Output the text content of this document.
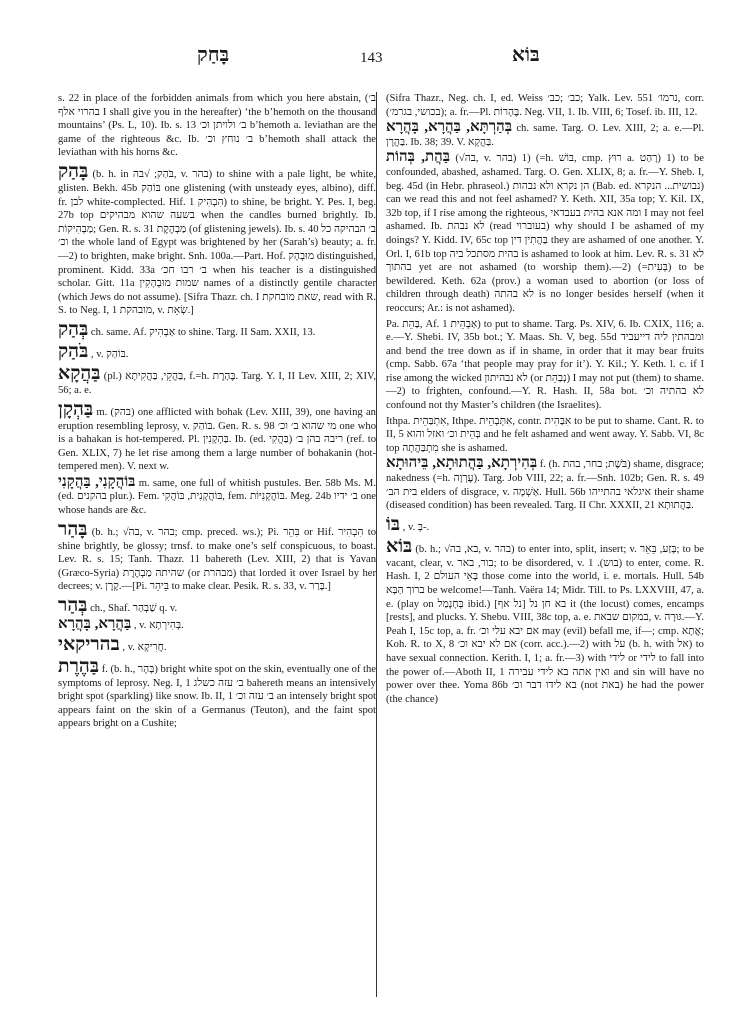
בָּחַק	143	בּוֹא
s. 22 in place of the forbidden animals from which you here abstain, (ב׳ בהרוי אלף I shall give you in the hereafter) ‘the b’hemoth on the thousand mountains’ (Ps. L, 10). Ib. s. 13 ב׳ ולויתן וכ׳ b’hemoth a. leviathan are the game of the righteous &c. Ib. ב׳ נוחץ וכ׳ b’hemoth shall attack the leviathan with his horns &c.
בָּהַק (b. h. in בֹּהַק; √בה, v. בהר) to shine with a pale light, be white, glisten. Bekh. 45b בּוֹהַק one glistening (with unsteady eyes, albino), diff. fr. לבן white-complected. Hif. הִבְהִיק 1) to shine, be bright. Y. Pes. I, beg. 27b top בשעה שהוא מבהיקים when the candles burned brightly. Ib. מַבְהִיקוֹת; Gen. R. s. 31 מַבְהֶקֶת (of glistening jewels). Ib. s. 40 ב׳ הבהיקה כל וכ׳ the whole land of Egypt was brightened by her (Sarah’s) beauty; a. fr.—2) to brighten, make bright. Snh. 100a.—Part. Hof. מוּבְהָק distinguished, prominent. Kidd. 33a ב׳ רבו חכ׳ when his teacher is a distinguished scholar. Gitt. 11a שמות מוּבְהָקִין names of a distinctly gentile character (which Jews do not assume). [Sifra Thazr. ch. I שאת מובחקת, read with R. S. to Neg. I, 1 מובהקת, v. שְׂאֵת.]
בְּהַק ch. same. Af. אַבְהִיק to shine. Targ. II Sam. XXII, 13.
בֹּהַק , v. בּוֹהַק.
בַּהֲקָא (pl.) בַּהֲקֵי, בַּהֲקִיתָא, f.=h. בֶּהָרֶת. Targ. Y. I, II Lev. XIII, 2; XIV, 56; a. e.
בַּהְקָן m. (בהק) one afflicted with bohak (Lev. XIII, 39), one having an eruption resembling leprosy, v. בּוֹהַק. Gen. R. s. 98 מי שהוא ב׳ וכ׳ one who is a bahakan is hot-tempered. Pl. בַּהְקָנִין. Ib. (ed. בַּהֲקִי) ריבה בהן ב׳ (ref. to Gen. XLIX, 7) he let rise among them a large number of bohakanin (hot-tempered men). V. next w.
בּוֹהֲקָנִי, בַּהֲקָנִי m. same, one full of whitish pustules. Ber. 58b Ms. M. (ed. בהקנים plur.). Fem. בּוֹהֲקָנִית, בּוֹהֲקִי, fem. בּוֹהֲקָנִיּוֹת. Meg. 24b ב׳ ידיו one whose hands are &c.
בָּהַר (b. h.; √בה, v. בהר; cmp. preced. ws.); Pi. בִּהֵר or Hif. הִבְהִיר to shine brightly, be glossy; trnsf. to make one’s self conspicuous, to boast. Lev. R. s. 15; Tanh. Thazr. 11 bahereth (Lev. XIII, 2) that is Yavan (Græco-Syria) שהיתה מַבְהֶרֶת (or מבהרת) that lorded it over Israel by her decrees; v. קֶרֶן.—[Pi. בֵּיהֵר to make clear. Pesik. R. s. 33, v. בָּרַר.]
בְּהַר ch., Shaf. שַׁבְהַר q. v.
בַּהֲרָא, בָּהֲרָא , v. בְּהִירְתָא.
בהריקאי , v. חֲרִיקָא.
בַּהֶרֶת f. (b. h., בָּהָר) bright white spot on the skin, eventually one of the symptoms of leprosy. Neg. I, 1 ב׳ עזה כשלג bahereth means an intensively bright spot (sparkling) like snow. Ib. II, 1 ב׳ עזה וכ׳ an intensely bright spot appears faint on the skin of a Germanus (Teuton), and the faint spot appears bright on a Cushite;
(Sifra Thazr., Neg. ch. I, ed. Weiss כב׳ ;כב׳; Yalk. Lev. 551 נרמו׳, corr. (בכושי, בגרמ׳); a. fr.—Pl. בֶּהָרוֹת. Neg. VII, 1. Ib. VIII, 6; Tosef. ib. III, 12.
בְּהַרְתָּא, בַּהֲרָא, בָּהֲרָא ch. same. Targ. O. Lev. XIII, 2; a. e.—Pl. בַּהֲרָן. Ib. 38; 39. V. בַּהֲקָא.
בַּהֲת, בְּהוֹת (√בה, v. בהר) 1) (=h. בּוֹשׁ, cmp. רוּץ a. רָהַט) 1) to be confounded, abashed, ashamed. Targ. O. Gen. XLIX, 8; a. fr.—Y. Sheb. I, beg. 45d (in Hebr. phraseol.) הן נקרא ולא נבהות (Bab. ed. נבושית... הנקרא) can we read this and not feel ashamed? Y. Keth. XII, 35a top; Y. Kil. IX, 32b top, if I rise among the righteous, ומה אנא בהית בעבדאי I may not feel ashamed. Ib. לא נבהת (read בעוברוי) why should I be ashamed of my doings? Y. Kidd. IV, 65c top בַּהֲתִין דין they are ashamed of one another. Y. Orl. I, 61b top בהית מסתכל ביה is ashamed to look at him. Lev. R. s. 31 לא בהתוך yet are not ashamed (to worship them).—2) (=בְּעִית) to be bewildered. Keth. 62a (prov.) a woman used to abortion (or loss of children through death) לא בהתה is no longer besides herself (when it reoccurs; Ar.: is not ashamed).
Pa. בַּהֵת, Af. אַבְהֵית 1) to put to shame. Targ. Ps. XIV, 6. Ib. CXIX, 116; a. e.—Y. Shebi. IV, 35b bot.; Y. Maas. Sh. V, beg. 55d ומבהתין ליה דייעביד and bend the tree down as if in shame, in order that it may bear fruits (cmp. Sabb. 67a ‘that people may pray for it’). Y. Kil.; Y. Keth. l. c. if I rise among the wicked לא נבהיתון (or נְבַהֵת) I may not put (them) to shame.—2) to frighten, confound.—Y. R. Hash. II, 58a bot. לא בהתיה וכ׳ confound not thy Master’s children (the Israelites).
Ithpa. אִתְבַּהֵית, Ithpe. אִתְּבְהֵית, contr. אִבַּהִית to be put to shame. Cant. R. to II, 5 בְּהֵית וכ׳ ואזל והוא and he felt ashamed and went away. Y. Sabb. VI, 8c top מִתְבַּהֲתָה she is ashamed.
בְּהִירְתָא, בַּהֲתוּתָא, בֵּיהוּתָא f. (h. בֹּשֶׁת; בחר, בהת) shame, disgrace; nakedness (=h. עֶרְוָה). Targ. Job VIII, 22; a. fr.—Snh. 102b; Gen. R. s. 49 בית הב׳ elders of disgrace, v. אַשְׁמָה. Hull. 56b איגלאי בהתייהו their shame (diseased condition) has been revealed. Targ. II Chr. XXXII, 21 בַּהֲתוּתָא.
בּוֹ , v. בְּ-.
בּוֹא (b. h.; √בא, בה, v. בהר) to enter into, split, insert; v. בָּזַע, בֵּאֵר; to be vacant, clear, v. בור, באר; to be disordered, v. בוש). 1) to enter, come. R. Hash. I, 2 בָּאֵי העולם those come into the world, i. e. mortals. Hull. 54b ברוך הַבָּא be welcome!—Tanh. Vaëra 14; Midr. Till. to Ps. LXXVIII, 47, a. e. (play on בְּחָנָמַל ibid.) בא חן נל [נל אף] it (the locust) comes, encamps [rests], and plucks. Y. Shebu. VIII, 38c top, a. e. במקום שבאת, v. גּוּרָה.—Y. Peah I, 15c top, a. fr. אם יבא עלי וכ׳ may (evil) befall me, if—; cmp. אֲתָא; Koh. R. to X, 8 אם לא יבא וכ׳ (corr. acc.).—2) with על (b. h. with אל) to have sexual connection. Kerith. I, 1; a. fr.—3) with לידי or לידי to fall into the power of.—Aboth II, 1 ואין אתה בא לידי עבירה and sin will have no power over thee. Yoma 86b בא לידו דבר וכ׳ (not באת) he had the power (the chance)
